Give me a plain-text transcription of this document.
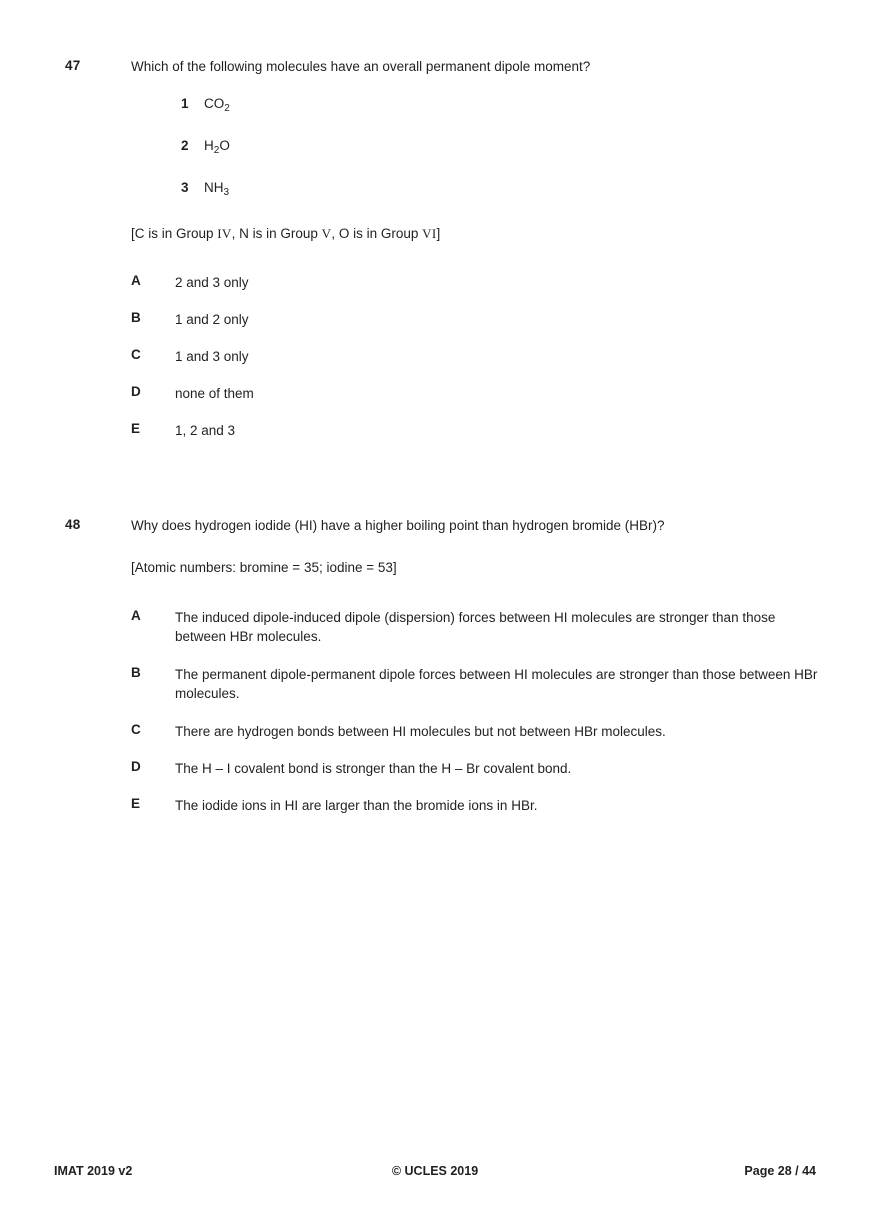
47	Which of the following molecules have an overall permanent dipole moment?
1 $CO_2$
2 $H_2O$
3 $NH_3$
[C is in Group IV, N is in Group V, O is in Group VI]
A	2 and 3 only
B	1 and 2 only
C	1 and 3 only
D	none of them
E	1, 2 and 3
48	Why does hydrogen iodide (HI) have a higher boiling point than hydrogen bromide (HBr)?
[Atomic numbers: bromine = 35; iodine = 53]
A	The induced dipole-induced dipole (dispersion) forces between HI molecules are stronger than those between HBr molecules.
B	The permanent dipole-permanent dipole forces between HI molecules are stronger than those between HBr molecules.
C	There are hydrogen bonds between HI molecules but not between HBr molecules.
D	The H – I covalent bond is stronger than the H – Br covalent bond.
E	The iodide ions in HI are larger than the bromide ions in HBr.
IMAT 2019 v2	© UCLES 2019	Page 28 / 44
